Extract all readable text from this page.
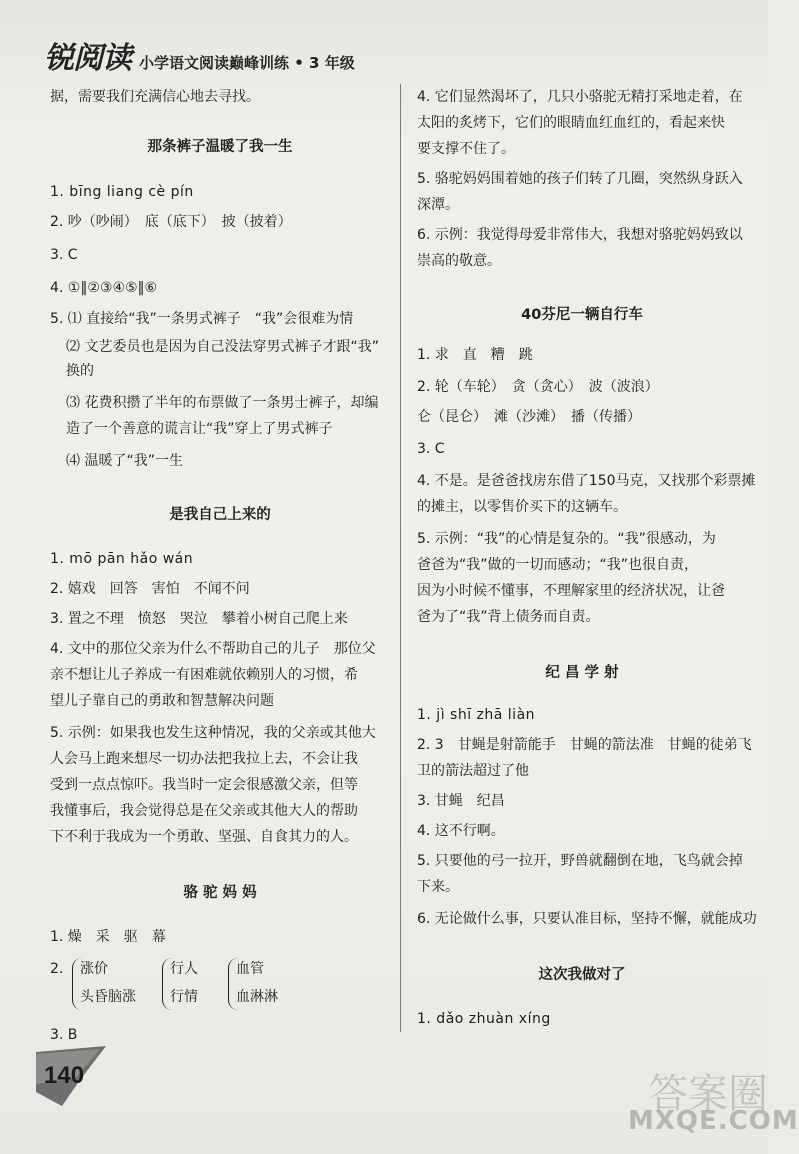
锐阅读 小学语文阅读巅峰训练 • 3 年级
据，需要我们充满信心地去寻找。
那条裤子温暖了我一生
1. bīng liang cè pín
2. 吵（吵闹）　底（底下）　披（披着）
3. C
4. ①‖②③④⑤‖⑥
5. ⑴ 直接给“我”一条男式裤子　“我”会很难为情
⑵ 文艺委员也是因为自己没法穿男式裤子才跟“我”
换的
⑶ 花费积攒了半年的布票做了一条男士裤子，却编
造了一个善意的谎言让“我”穿上了男式裤子
⑷ 温暖了“我”一生
是我自己上来的
1. mō pān hǎo wán
2. 嬉戏　回答　害怕　不闻不问
3. 置之不理　愤怒　哭泣　攀着小树自己爬上来
4. 文中的那位父亲为什么不帮助自己的儿子　那位父
亲不想让儿子养成一有困难就依赖别人的习惯，希
望儿子靠自己的勇敢和智慧解决问题
5. 示例：如果我也发生这种情况，我的父亲或其他大
人会马上跑来想尽一切办法把我拉上去，不会让我
受到一点点惊吓。我当时一定会很感激父亲，但等
我懂事后，我会觉得总是在父亲或其他大人的帮助
下不利于我成为一个勇敢、坚强、自食其力的人。
骆 驼 妈 妈
1. 燥　采　驱　幕
2. 涨价
头昏脑涨
行人
行情
血管
血淋淋
3. B
4. 它们显然渴坏了，几只小骆驼无精打采地走着，在
太阳的炙烤下，它们的眼睛血红血红的，看起来快
要支撑不住了。
5. 骆驼妈妈围着她的孩子们转了几圈，突然纵身跃入
深潭。
6. 示例：我觉得母爱非常伟大，我想对骆驼妈妈致以
崇高的敬意。
40芬尼一辆自行车
1. 求　直　糟　跳
2. 轮（车轮）　贪（贪心）　波（波浪）
仑（昆仑）　滩（沙滩）　播（传播）
3. C
4. 不是。是爸爸找房东借了150马克，又找那个彩票摊
的摊主，以零售价买下的这辆车。
5. 示例：“我”的心情是复杂的。“我”很感动，为
爸爸为“我”做的一切而感动；“我”也很自责，
因为小时候不懂事，不理解家里的经济状况，让爸
爸为了“我”背上债务而自责。
纪 昌 学 射
1. jì shī zhā liàn
2. 3　甘蝇是射箭能手　甘蝇的箭法准　甘蝇的徒弟飞
卫的箭法超过了他
3. 甘蝇　纪昌
4. 这不行啊。
5. 只要他的弓一拉开，野兽就翻倒在地，飞鸟就会掉
下来。
6. 无论做什么事，只要认准目标，坚持不懈，就能成功
这次我做对了
1. dǎo zhuàn xíng
140	答案圈
MXQE.COM
